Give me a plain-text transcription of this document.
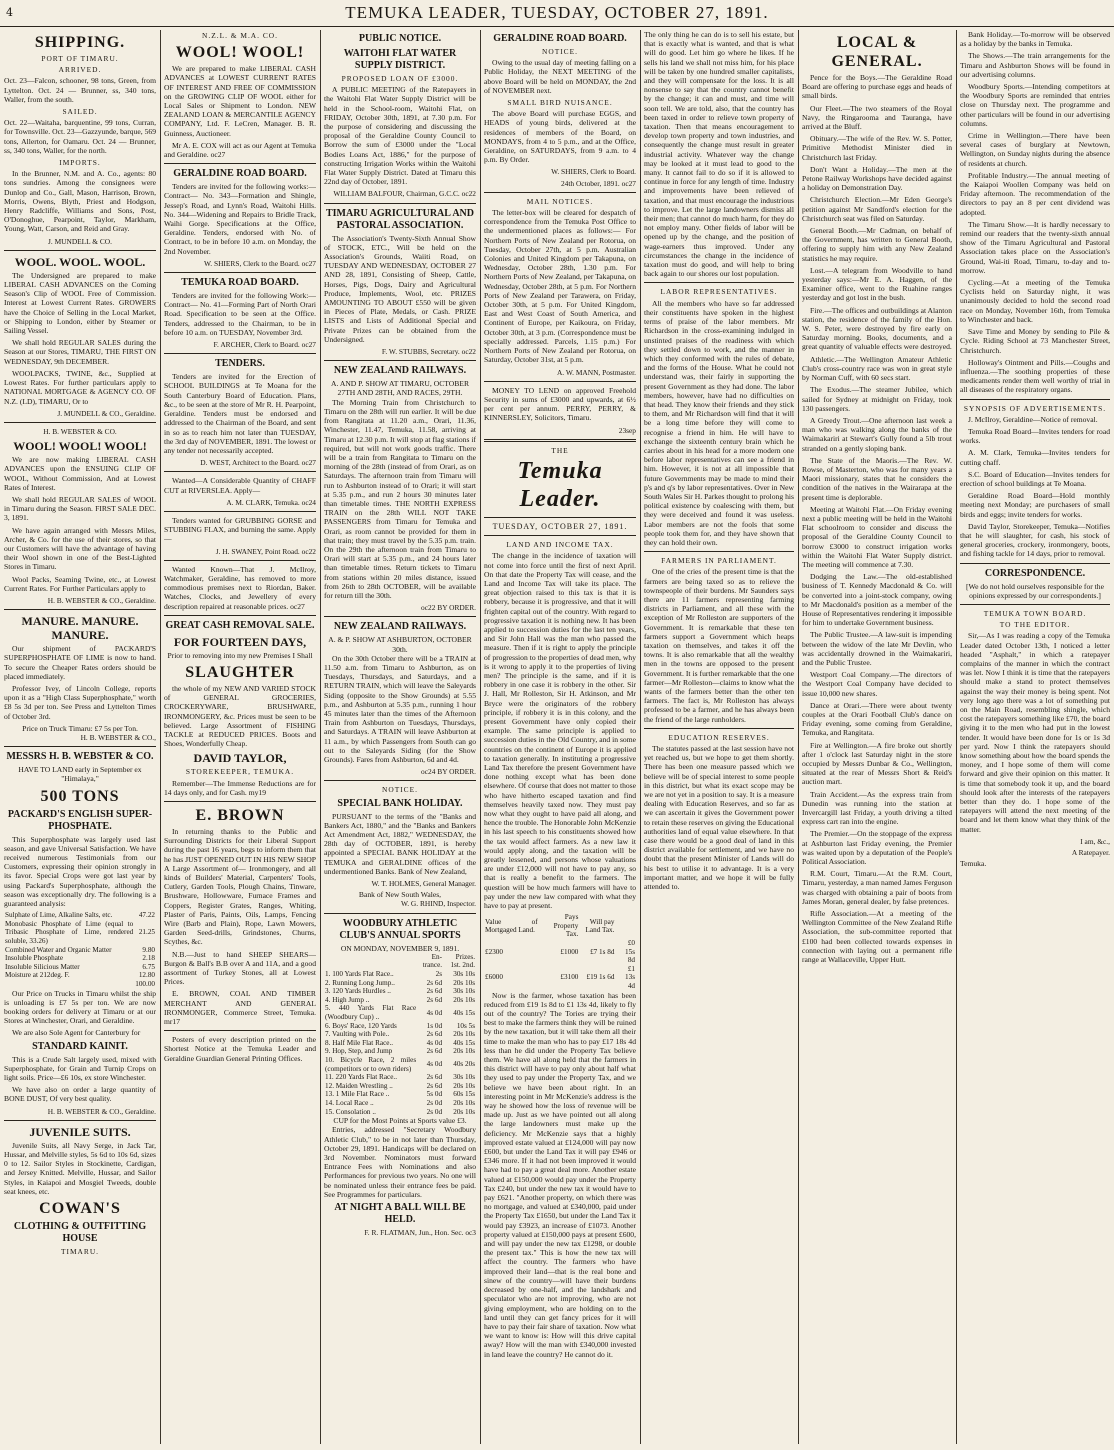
4	TEMUKA LEADER, TUESDAY, OCTOBER 27, 1891.
SHIPPING.
PORT OF TIMARU.
ARRIVED.

Oct. 23—Falcon, schooner, 98 tons, Green, from Lyttelton. Oct. 24 — Brunner, ss, 340 tons, Waller, from the south.

SAILED.

Oct. 22—Waitaha, barquentine, 99 tons, Curran, for Townsville. Oct. 23—Gazzyunde, barque, 569 tons, Allerton, for Oamaru. Oct. 24 — Brunner, ss, 340 tons, Waller, for the north.

IMPORTS.

In the Brunner, N.M. and A. Co., agents: 80 tons sundries. Among the consignees were Dunlop and Co., Gall, Mason, Harrison, Brown, Morris, Owens, Blyth, Priest and Hodgson, Henry Radcliffe, Williams and Sons, Post, O'Donoghue, Pearpoint, Taylor, Markham, Young, Watt, Carson, and Reid and Gray.

J. MUNDELL & CO.
WOOL. WOOL. WOOL.

The Undersigned are prepared to make LIBERAL CASH ADVANCES on the Coming Season's Clip of WOOL Free of Commission. Interest at Lowest Current Rates. GROWERS have the Choice of Selling in the Local Market, or Shipping to London, either by Steamer or Sailing Vessel.

We shall hold REGULAR SALES during the Season at our Stores, TIMARU, THE FIRST ON WEDNESDAY, 9th DECEMBER.

WOOLPACKS, TWINE, &c., Supplied at Lowest Rates. For further particulars apply to NATIONAL MORTGAGE & AGENCY CO. OF N.Z. (LD), TIMARU, Or to

J. MUNDELL & CO., Geraldine.
H. B. WEBSTER & CO.
WOOL! WOOL! WOOL!

We are now making LIBERAL CASH ADVANCES upon the ENSUING CLIP OF WOOL, Without Commission, And at Lowest Rates of Interest.

We shall hold REGULAR SALES of WOOL in Timaru during the Season. FIRST SALE DEC. 3, 1891.

We have again arranged with Messrs Miles, Archer, & Co. for the use of their stores, so that our Customers will have the advantage of having their Wool shown in one of the Best-Lighted Stores in Timaru.

Wool Packs, Seaming Twine, etc., at Lowest Current Rates. For Further Particulars apply to

H. B. WEBSTER & CO., Geraldine.
MANURE. MANURE. MANURE.

Our shipment of PACKARD'S SUPERPHOSPHATE OF LIME is now to hand. To secure the Cheaper Rates orders should be placed immediately.

Professor Ivey, of Lincoln College, reports upon it as a "High Class Superphosphate," worth £8 5s 3d per ton. See Press and Lyttelton Times of October 3rd.

Price on Truck Timaru: £7 5s per Ton.
H. B. WEBSTER & CO.,
MESSRS H. B. WEBSTER & CO.
HAVE TO LAND early in September ex "Himalaya,"
500 TONS
PACKARD'S ENGLISH SUPER-PHOSPHATE.

This Superphosphate was largely used last season, and gave Universal Satisfaction. We have received numerous Testimonials from our Customers, expressing their opinion strongly in its favor. Special Crops were got last year by using Packard's Superphosphate, although the season was exceptionally dry. The following is a guaranteed analysis:

Sulphate of Lime, Alkaline Salts, etc.	47.22
Monobasic Phosphate of Lime (equal to Tribasic Phosphate of Lime, rendered soluble, 33.26)	21.25
Combined Water and Organic Matter	9.80
Insoluble Phosphate	2.18
Insoluble Silicious Matter	6.75
Moisture at 212deg. F.	12.80
	100.00

Our Price on Trucks in Timaru whilst the ship is unloading is £7 5s per ton. We are now booking orders for delivery at Timaru or at our Stores at Winchester, Orari, and Geraldine.

We are also Sole Agent for Canterbury for

STANDARD KAINIT.

This is a Crude Salt largely used, mixed with Superphosphate, for Grain and Turnip Crops on light soils. Price—£6 10s, ex store Winchester.

We have also on order a large quantity of BONE DUST, Of very best quality.

H. B. WEBSTER & CO., Geraldine.
JUVENILE SUITS.

Juvenile Suits, all Navy Serge, in Jack Tar, Hussar, and Melville styles, 5s 6d to 10s 6d, sizes 0 to 12. Sailor Styles in Stockinette, Cardigan, and Jersey Knitted. Melville, Hussar, and Sailor Styles, in Kaiapoi and Mosgiel Tweeds, double seat knees, etc.

COWAN'S
CLOTHING & OUTFITTING HOUSE
TIMARU.
N.Z.L. & M.A. CO.
WOOL! WOOL!

We are prepared to make LIBERAL CASH ADVANCES at LOWEST CURRENT RATES OF INTEREST AND FREE OF COMMISSION on the GROWING CLIP OF WOOL either for Local Sales or Shipment to London. NEW ZEALAND LOAN & MERCANTILE AGENCY COMPANY, Ltd. F. LeCren, Manager. B. R. Guinness, Auctioneer.

Mr A. E. COX will act as our Agent at Temuka and Geraldine. oc27

GERALDINE ROAD BOARD.

Tenders are invited for the following works:— Contract— No. 343—Formation and Shingle, Jessep's Road, and Lynn's Road, Waitohi Hills. No. 344—Widening and Repairs to Bridle Track, Waihi Gorge. Specifications at the Office, Geraldine. Tenders, endorsed with No. of Contract, to be in before 10 a.m. on Monday, the 2nd November.

W. SHIERS, Clerk to the Board. oc27
TEMUKA ROAD BOARD.

Tenders are invited for the following Work:— Contract— No. 41—Forming Part of North Orari Road. Specification to be seen at the Office. Tenders, addressed to the Chairman, to be in before 10 a.m. on TUESDAY, November 3rd.

F. ARCHER, Clerk to Board. oc27
TENDERS.

Tenders are invited for the Erection of SCHOOL BUILDINGS at Te Moana for the South Canterbury Board of Education. Plans, &c., to be seen at the store of Mr R. H. Pearpoint, Geraldine. Tenders must be endorsed and addressed to the Chairman of the Board, and sent in so as to reach him not later than TUESDAY, the 3rd day of NOVEMBER, 1891. The lowest or any tender not necessarily accepted.

D. WEST, Architect to the Board. oc27

Wanted—A Considerable Quantity of CHAFF CUT at RIVERSLEA. Apply—

A. M. CLARK, Temuka. oc24

Tenders wanted for GRUBBING GORSE and STUBBING FLAX, and burning the same. Apply—

J. H. SWANEY, Point Road. oc22

Wanted Known—That J. McIlroy, Watchmaker, Geraldine, has removed to more commodious premises next to Riordan, Baker. Watches, Clocks, and Jewellery of every description repaired at reasonable prices. oc27

GREAT CASH REMOVAL SALE.
FOR FOURTEEN DAYS,
Prior to removing into my new Premises I Shall
SLAUGHTER

the whole of my NEW AND VARIED STOCK of GENERAL GROCERIES, CROCKERYWARE, BRUSHWARE, IRONMONGERY, &c. Prices must be seen to be believed. Large Assortment of FISHING TACKLE at REDUCED PRICES. Boots and Shoes, Wonderfully Cheap.

DAVID TAYLOR,
STOREKEEPER, TEMUKA.

Remember—The Immense Reductions are for 14 days only, and for Cash. my19

E. BROWN

In returning thanks to the Public and Surrounding Districts for their Liberal Support during the past 16 years, begs to inform them that he has JUST OPENED OUT IN HIS NEW SHOP A Large Assortment of— Ironmongery, and all kinds of Builders' Material, Carpenters' Tools, Cutlery, Garden Tools, Plough Chains, Tinware, Brushware, Hollowware, Furnace Frames and Coppers, Register Grates, Ranges, Whiting, Plaster of Paris, Paints, Oils, Lamps, Fencing Wire (Barb and Plain), Rope, Lawn Mowers, Garden Seed-drills, Grindstones, Churns, Scythes, &c.

N.B.—Just to hand SHEEP SHEARS—Burgon & Ball's B.B over A and 11A, and a good assortment of Turkey Stones, all at Lowest Prices.

E. BROWN, COAL AND TIMBER MERCHANT AND GENERAL IRONMONGER, Commerce Street, Temuka. mr17

Posters of every description printed on the Shortest Notice at the Temuka Leader and Geraldine Guardian General Printing Offices.

PUBLIC NOTICE.
WAITOHI FLAT WATER SUPPLY DISTRICT.
PROPOSED LOAN OF £3000.

A PUBLIC MEETING of the Ratepayers in the Waitohi Flat Water Supply District will be held in the School-room, Waitohi Flat, on FRIDAY, October 30th, 1891, at 7.30 p.m. For the purpose of considering and discussing the proposal of the Geraldine County Council to Borrow the sum of £3000 under the "Local Bodies Loans Act, 1886," for the purpose of constructing Irrigation Works within the Waitohi Flat Water Supply District. Dated at Timaru this 22nd day of October, 1891.

WILLIAM BALFOUR, Chairman, G.C.C. oc22
TIMARU AGRICULTURAL AND PASTORAL ASSOCIATION.

The Association's Twenty-Sixth Annual Show of STOCK, ETC., Will be held on the Association's Grounds, Waiiti Road, on TUESDAY AND WEDNESDAY, OCTOBER 27 AND 28, 1891, Consisting of Sheep, Cattle, Horses, Pigs, Dogs, Dairy and Agricultural Produce, Implements, Wool, etc. PRIZES AMOUNTING TO ABOUT £550 will be given in Pieces of Plate, Medals, or Cash. PRIZE LISTS and Lists of Additional Special and Private Prizes can be obtained from the Undersigned.

F. W. STUBBS, Secretary. oc22
NEW ZEALAND RAILWAYS.
A. AND P. SHOW AT TIMARU, OCTOBER 27TH AND 28TH, AND RACES, 29TH.

The Morning Train from Christchurch to Timaru on the 28th will run earlier. It will be due from Rangitata at 11.20 a.m., Orari, 11.36, Winchester, 11.47, Temuka, 11.58, arriving at Timaru at 12.30 p.m. It will stop at flag stations if required, but will not work goods traffic. There will be a train from Rangitata to Timaru on the morning of the 28th (instead of from Orari, as on Saturdays. The afternoon train from Timaru will run to Ashburton instead of to Orari; it will start at 5.35 p.m., and run 2 hours 30 minutes later than timetable times. THE NORTH EXPRESS TRAIN on the 28th WILL NOT TAKE PASSENGERS from Timaru for Temuka and Orari, as room cannot be provided for them in that train; they must travel by the 5.35 p.m. train. On the 29th the afternoon train from Timaru to Orari will start at 5.35 p.m., and 24 hours later than timetable times. Return tickets to Timaru from stations within 20 miles distance, issued from 26th to 28th OCTOBER, will be available for return till the 30th.

oc22 BY ORDER.
NEW ZEALAND RAILWAYS.
A. & P. SHOW AT ASHBURTON, OCTOBER 30th.

On the 30th October there will be a TRAIN at 11.50 a.m. from Timaru to Ashburton, as on Tuesdays, Thursdays, and Saturdays, and a RETURN TRAIN, which will leave the Saleyards Siding (opposite to the Show Grounds) at 5.55 p.m., and Ashburton at 5.35 p.m., running 1 hour 45 minutes later than the times of the Afternoon Train from Ashburton on Tuesdays, Thursdays, and Saturdays. A TRAIN will leave Ashburton at 11 a.m., by which Passengers from South can go out to the Saleyards Siding (for the Show Grounds). Fares from Ashburton, 6d and 4d.

oc24 BY ORDER.
NOTICE.
SPECIAL BANK HOLIDAY.

PURSUANT to the terms of the "Banks and Bankers Act, 1880," and the "Banks and Bankers Act Amendment Act, 1882," WEDNESDAY, the 28th day of OCTOBER, 1891, is hereby appointed a SPECIAL BANK HOLIDAY at the TEMUKA and GERALDINE offices of the undermentioned Banks. Bank of New Zealand,

W. T. HOLMES, General Manager.
Bank of New South Wales,
W. G. RHIND, Inspector.
WOODBURY ATHLETIC CLUB'S ANNUAL SPORTS
ON MONDAY, NOVEMBER 9, 1891.
	En-trance.	Prizes. 1st. 2nd.
1. 100 Yards Flat Race..	2s	30s 10s
2. Running Long Jump..	2s 6d	20s 10s
3. 120 Yards Hurdles ..	2s 6d	30s 10s
4. High Jump ..	2s 6d	20s 10s
5. 440 Yards Flat Race (Woodbury Cup) ..	4s 0d	40s 15s
6. Boys' Race, 120 Yards	1s 0d	10s 5s
7. Vaulting with Pole..	2s 6d	20s 10s
8. Half Mile Flat Race..	4s 0d	40s 15s
9. Hop, Step, and Jump	2s 6d	20s 10s
10. Bicycle Race, 2 miles (competitors or to own riders)	4s 0d	40s 20s
11. 220 Yards Flat Race..	2s 6d	30s 10s
12. Maiden Wrestling ..	2s 6d	20s 10s
13. 1 Mile Flat Race ..	5s 0d	60s 15s
14. Local Race ..	2s 0d	20s 10s
15. Consolation ..	2s 0d	20s 10s
CUP for the Most Points at Sports value £3.

Entries, addressed "Secretary Woodbury Athletic Club," to be in not later than Thursday, October 29, 1891. Handicaps will be declared on 3rd November. Nominators must forward Entrance Fees with Nominations and also Performances for previous two years. No one will be nominated unless their entrance fees be paid. See Programmes for particulars.

AT NIGHT A BALL WILL BE HELD.
F. R. FLATMAN, Jun., Hon. Sec. oc3
GERALDINE ROAD BOARD.
NOTICE.

Owing to the usual day of meeting falling on a Public Holiday, the NEXT MEETING of the above Board will be held on MONDAY, the 2nd of NOVEMBER next.

SMALL BIRD NUISANCE.

The above Board will purchase EGGS, and HEADS of young birds, delivered at the residences of members of the Board, on MONDAYS, from 4 to 5 p.m., and at the Office, Geraldine, on SATURDAYS, from 9 a.m. to 4 p.m. By Order.

W. SHIERS, Clerk to Board.
24th October, 1891. oc27
MAIL NOTICES.

The letter-box will be cleared for despatch of correspondence from the Temuka Post Office to the undermentioned places as follows:— For Northern Ports of New Zealand per Rotorua, on Tuesday, October 27th, at 5 p.m. Australian Colonies and United Kingdom per Takapuna, on Wednesday, October 28th, 1.30 p.m. For Northern Ports of New Zealand, per Takapuna, on Wednesday, October 28th, at 5 p.m. For Northern Ports of New Zealand per Tarawera, on Friday, October 30th, at 5 p.m. For United Kingdom, East and West Coast of South America, and Continent of Europe, per Kaikoura, on Friday, October 30th, at 3 p.m. (Correspondence must be specially addressed. Parcels, 1.15 p.m.) For Northern Ports of New Zealand per Rotorua, on Saturday, October 31st, at 5 p.m.

A. W. MANN, Postmaster.

MONEY TO LEND on approved Freehold Security in sums of £3000 and upwards, at 6½ per cent per annum. PERRY, PERRY, & KINNERSLEY, Solicitors, Timaru.

23sep
THE
Temuka Leader.
TUESDAY, OCTOBER 27, 1891.
LAND AND INCOME TAX.

The change in the incidence of taxation will not come into force until the first of next April. On that date the Property Tax will cease, and the Land and Income Tax will take its place. The great objection raised to this tax is that it is robbery, because it is progressive, and that it will frighten capital out of the country. With regard to progressive taxation it is nothing new. It has been applied to succession duties for the last ten years, and Sir John Hall was the man who passed the measure. Then if it is right to apply the principle of progression to the properties of dead men, why is it wrong to apply it to the properties of living men? The principle is the same, and if it is robbery in one case it is robbery in the other. Sir J. Hall, Mr Rolleston, Sir H. Atkinson, and Mr Bryce were the originators of the robbery principle, if robbery it is in this colony, and the present Government have only copied their example. The same principle is applied to succession duties in the Old Country, and in some countries on the continent of Europe it is applied to taxation generally. In instituting a progressive Land Tax therefore the present Government have done nothing except what has been done elsewhere. Of course that does not matter to those who have hitherto escaped taxation and find themselves heavily taxed now. They must pay now what they ought to have paid all along, and hence the trouble. The Honorable John McKenzie in his last speech to his constituents showed how the tax would affect farmers. As a new law it would apply along, and the taxation will be greatly lessened, and persons whose valuations are under £12,000 will not have to pay any, so that is really a benefit to the farmers. The question will be how much farmers will have to pay under the new law compared with what they have to pay at present.

Value of Mortgaged Land.	Pays Property Tax.	Will pay Land Tax.	
£2300	£1000	£7 1s 8d	£0 15s 8d
£6000	£3100	£19 1s 6d	£1 13s 4d

Now is the farmer, whose taxation has been reduced from £19 1s 8d to £1 13s 4d, likely to fly out of the country? The Tories are trying their best to make the farmers think they will be ruined by the new taxation, but it will take them all their time to make the man who has to pay £17 18s 4d less than he did under the Property Tax believe them. We have all along held that the farmers in this district will have to pay only about half what they used to pay under the Property Tax, and we believe we have been about right. In an interesting point in Mr McKenzie's address is the way he showed how the loss of revenue will be made up. Just as we have pointed out all along the large landowners must make up the deficiency. Mr McKenzie says that a highly improved estate valued at £124,000 will pay now £600, but under the Land Tax it will pay £946 or £346 more. If it had not been improved it would have had to pay a great deal more. Another estate valued at £150,000 would pay under the Property Tax £240, but under the new tax it would have to pay £621. "Another property, on which there was no mortgage, and valued at £340,000, paid under the Property Tax £1650, but under the Land Tax it would pay £3923, an increase of £1073. Another property valued at £150,000 pays at present £600, and will pay under the new tax £1298, or double the present tax." This is how the new tax will affect the country. The farmers who have improved their land—that is the real bone and sinew of the country—will have their burdens decreased by one-half, and the landshark and speculator who are not improving, who are not giving employment, who are holding on to the land until they can get fancy prices for it will have to pay their fair share of taxation. Now what we want to know is: How will this drive capital away? How will the man with £340,000 invested in land leave the country? He cannot do it.

The only thing he can do is to sell his estate, but that is exactly what is wanted, and that is what will do good. Let him go where he likes. If he sells his land we shall not miss him, for his place will be taken by one hundred smaller capitalists, and they will compensate for the loss. It is all nonsense to say that the country cannot benefit by the change; it can and must, and time will soon tell. We are told, also, that the country has been taxed in order to relieve town property of taxation. Then that means encouragement to develop town property and town industries, and consequently the change must result in greater industrial activity. Whatever way the change may be looked at it must lead to good to the many. It cannot fail to do so if it is allowed to continue in force for any length of time. Industry and improvements have been relieved of taxation, and that must encourage the industrious to improve. Let the large landowners dismiss all their men; that cannot do much harm, for they do not employ many. Other fields of labor will be opened up by the change, and the position of wage-earners thus improved. Under any circumstances the change in the incidence of taxation must do good, and will help to bring back again to our shores our lost population.

LABOR REPRESENTATIVES.

All the members who have so far addressed their constituents have spoken in the highest terms of praise of the labor members. Mr Richardson in the cross-examining indulged in unstinted praises of the readiness with which they settled down to work, and the manner in which they conformed with the rules of debate, and the forms of the House. What he could not understand was, their fairly in supporting the present Government as they had done. The labor members, however, have had no difficulties on that head. They know their friends and they stick to them, and Mr Richardson will find that it will be a long time before they will come to recognise a friend in him. He will have to exchange the sixteenth century brain which he carries about in his head for a more modern one before labor representatives can see a friend in him. However, it is not at all impossible that future Governments may be made to mind their p's and q's by labor representatives. Over in New South Wales Sir H. Parkes thought to prolong his political existence by coalescing with them, but they were deceived and found it was useless. Labor members are not the fools that some people took them for, and they have shown that they can hold their own.

FARMERS IN PARLIAMENT.

One of the cries of the present time is that the farmers are being taxed so as to relieve the townspeople of their burdens. Mr Saunders says there are 11 farmers representing farming districts in Parliament, and all these with the exception of Mr Rolleston are supporters of the Government. It is remarkable that these ten farmers support a Government which heaps taxation on themselves, and takes it off the towns. It is also remarkable that all the wealthy men in the towns are opposed to the present Government. It is further remarkable that the one farmer—Mr Rolleston—claims to know what the wants of the farmers better than the other ten farmers. The fact is, Mr Rolleston has always professed to be a farmer, and he has always been the friend of the large runholders.

EDUCATION RESERVES.

The statutes passed at the last session have not yet reached us, but we hope to get them shortly. There has been one measure passed which we believe will be of special interest to some people in this district, but what its exact scope may be we are not yet in a position to say. It is a measure dealing with Education Reserves, and so far as we can ascertain it gives the Government power to retain these reserves on giving the Educational authorities land of equal value elsewhere. In that case there would be a good deal of land in this district available for settlement, and we have no doubt that the present Minister of Lands will do his best to utilise it to advantage. It is a very important matter, and we hope it will be fully attended to.

LOCAL & GENERAL.

Pence for the Boys.—The Geraldine Road Board are offering to purchase eggs and heads of small birds.

Our Fleet.—The two steamers of the Royal Navy, the Ringarooma and Tauranga, have arrived at the Bluff.

Obituary.—The wife of the Rev. W. S. Potter, Primitive Methodist Minister died in Christchurch last Friday.

Don't Want a Holiday.—The men at the Petone Railway Workshops have decided against a holiday on Demonstration Day.

Christchurch Election.—Mr Eden George's petition against Mr Sandford's election for the Christchurch seat was filed on Saturday.

General Booth.—Mr Cadman, on behalf of the Government, has written to General Booth, offering to supply him with any New Zealand statistics he may require.

Lost.—A telegram from Woodville to hand yesterday says:—Mr E. A. Haggen, of the Examiner office, went to the Ruahine ranges yesterday and got lost in the bush.

Fire.—The offices and outbuildings at Alanton station, the residence of the family of the Hon. W. S. Peter, were destroyed by fire early on Saturday morning. Books, documents, and a great quantity of valuable effects were destroyed.

Athletic.—The Wellington Amateur Athletic Club's cross-country race was won in great style by Norman Cuff, with 60 secs start.

The Exodus.—The steamer Jubilee, which sailed for Sydney at midnight on Friday, took 130 passengers.

A Greedy Trout.—One afternoon last week a man who was walking along the banks of the Waimakariri at Stewart's Gully found a 5lb trout stranded on a gently sloping bank.

The State of the Maoris.—The Rev. W. Rowse, of Masterton, who was for many years a Maori missionary, states that he considers the condition of the natives in the Wairarapa at the present time is deplorable.

Meeting at Waitohi Flat.—On Friday evening next a public meeting will be held in the Waitohi Flat schoolroom to consider and discuss the proposal of the Geraldine County Council to borrow £3000 to construct irrigation works within the Waitohi Flat Water Supply district. The meeting will commence at 7.30.

Dodging the Law.—The old-established business of T. Kennedy Macdonald & Co. will be converted into a joint-stock company, owing to Mr Macdonald's position as a member of the House of Representatives rendering it impossible for him to undertake Government business.

The Public Trustee.—A law-suit is impending between the widow of the late Mr Devlin, who was accidentally drowned in the Waimakariri, and the Public Trustee.

Westport Coal Company.—The directors of the Westport Coal Company have decided to issue 10,000 new shares.

Dance at Orari.—There were about twenty couples at the Orari Football Club's dance on Friday evening, some coming from Geraldine, Temuka, and Rangitata.

Fire at Wellington.—A fire broke out shortly after 1 o'clock last Saturday night in the store occupied by Messrs Dunbar & Co., Wellington, situated at the rear of Messrs Short & Reid's auction mart.

Train Accident.—As the express train from Dunedin was running into the station at Invercargill last Friday, a youth driving a tilted express cart ran into the engine.

The Premier.—On the stoppage of the express at Ashburton last Friday evening, the Premier was waited upon by a deputation of the People's Political Association.

R.M. Court, Timaru.—At the R.M. Court, Timaru, yesterday, a man named James Ferguson was charged with obtaining a pair of boots from James Moran, general dealer, by false pretences.

Rifle Association.—At a meeting of the Wellington Committee of the New Zealand Rifle Association, the sub-committee reported that £100 had been collected towards expenses in connection with laying out a permanent rifle range at Wallaceville, Upper Hutt.

Bank Holiday.—To-morrow will be observed as a holiday by the banks in Temuka.

The Shows.—The train arrangements for the Timaru and Ashburton Shows will be found in our advertising columns.

Woodbury Sports.—Intending competitors at the Woodbury Sports are reminded that entries close on Thursday next. The programme and other particulars will be found in our advertising columns.

Crime in Wellington.—There have been several cases of burglary at Newtown, Wellington, on Sunday nights during the absence of residents at church.

Profitable Industry.—The annual meeting of the Kaiapoi Woollen Company was held on Friday afternoon. The recommendation of the directors to pay an 8 per cent dividend was adopted.

The Timaru Show.—It is hardly necessary to remind our readers that the twenty-sixth annual show of the Timaru Agricultural and Pastoral Association takes place on the Association's Ground, Wai-iti Road, Timaru, to-day and to-morrow.

Cycling.—At a meeting of the Temuka Cyclists held on Saturday night, it was unanimously decided to hold the second road race on Monday, November 16th, from Temuka to Winchester and back.

Save Time and Money by sending to Pile & Cycle. Riding School at 73 Manchester Street, Christchurch.

Holloway's Ointment and Pills.—Coughs and influenza.—The soothing properties of these medicaments render them well worthy of trial in all diseases of the respiratory organs.

SYNOPSIS OF ADVERTISEMENTS.

J. McIlroy, Geraldine—Notice of removal.

Temuka Road Board—Invites tenders for road works.

A. M. Clark, Temuka—Invites tenders for cutting chaff.

S.C. Board of Education—Invites tenders for erection of school buildings at Te Moana.

Geraldine Road Board—Hold monthly meeting next Monday; are purchasers of small birds and eggs; invite tenders for works.

David Taylor, Storekeeper, Temuka—Notifies that he will slaughter, for cash, his stock of general groceries, crockery, ironmongery, boots, and fishing tackle for 14 days, prior to removal.

CORRESPONDENCE.

[We do not hold ourselves responsible for the opinions expressed by our correspondents.]

TEMUKA TOWN BOARD.
TO THE EDITOR.

Sir,—As I was reading a copy of the Temuka Leader dated October 13th, I noticed a letter headed "Asphalt," in which a ratepayer complains of the manner in which the contract was let. Now I think it is time that the ratepayers should make a stand to protect themselves against the way their money is being spent. Not very long ago there was a lot of something put on the Main Road, resembling shingle, which cost the ratepayers something like £70, the board giving it to the men who had put in the lowest tender. It would have been done for 1s or 1s 3d per yard. Now I think the ratepayers should know something about how the board spends the money, and I hope some of them will come forward and give their opinion on this matter. It is time that somebody took it up, and the board should look after the interests of the ratepayers better than they do. I hope some of the ratepayers will attend the next meeting of the board and let them know what they think of the matter.

I am, &c.,
A Ratepayer.

Temuka.
